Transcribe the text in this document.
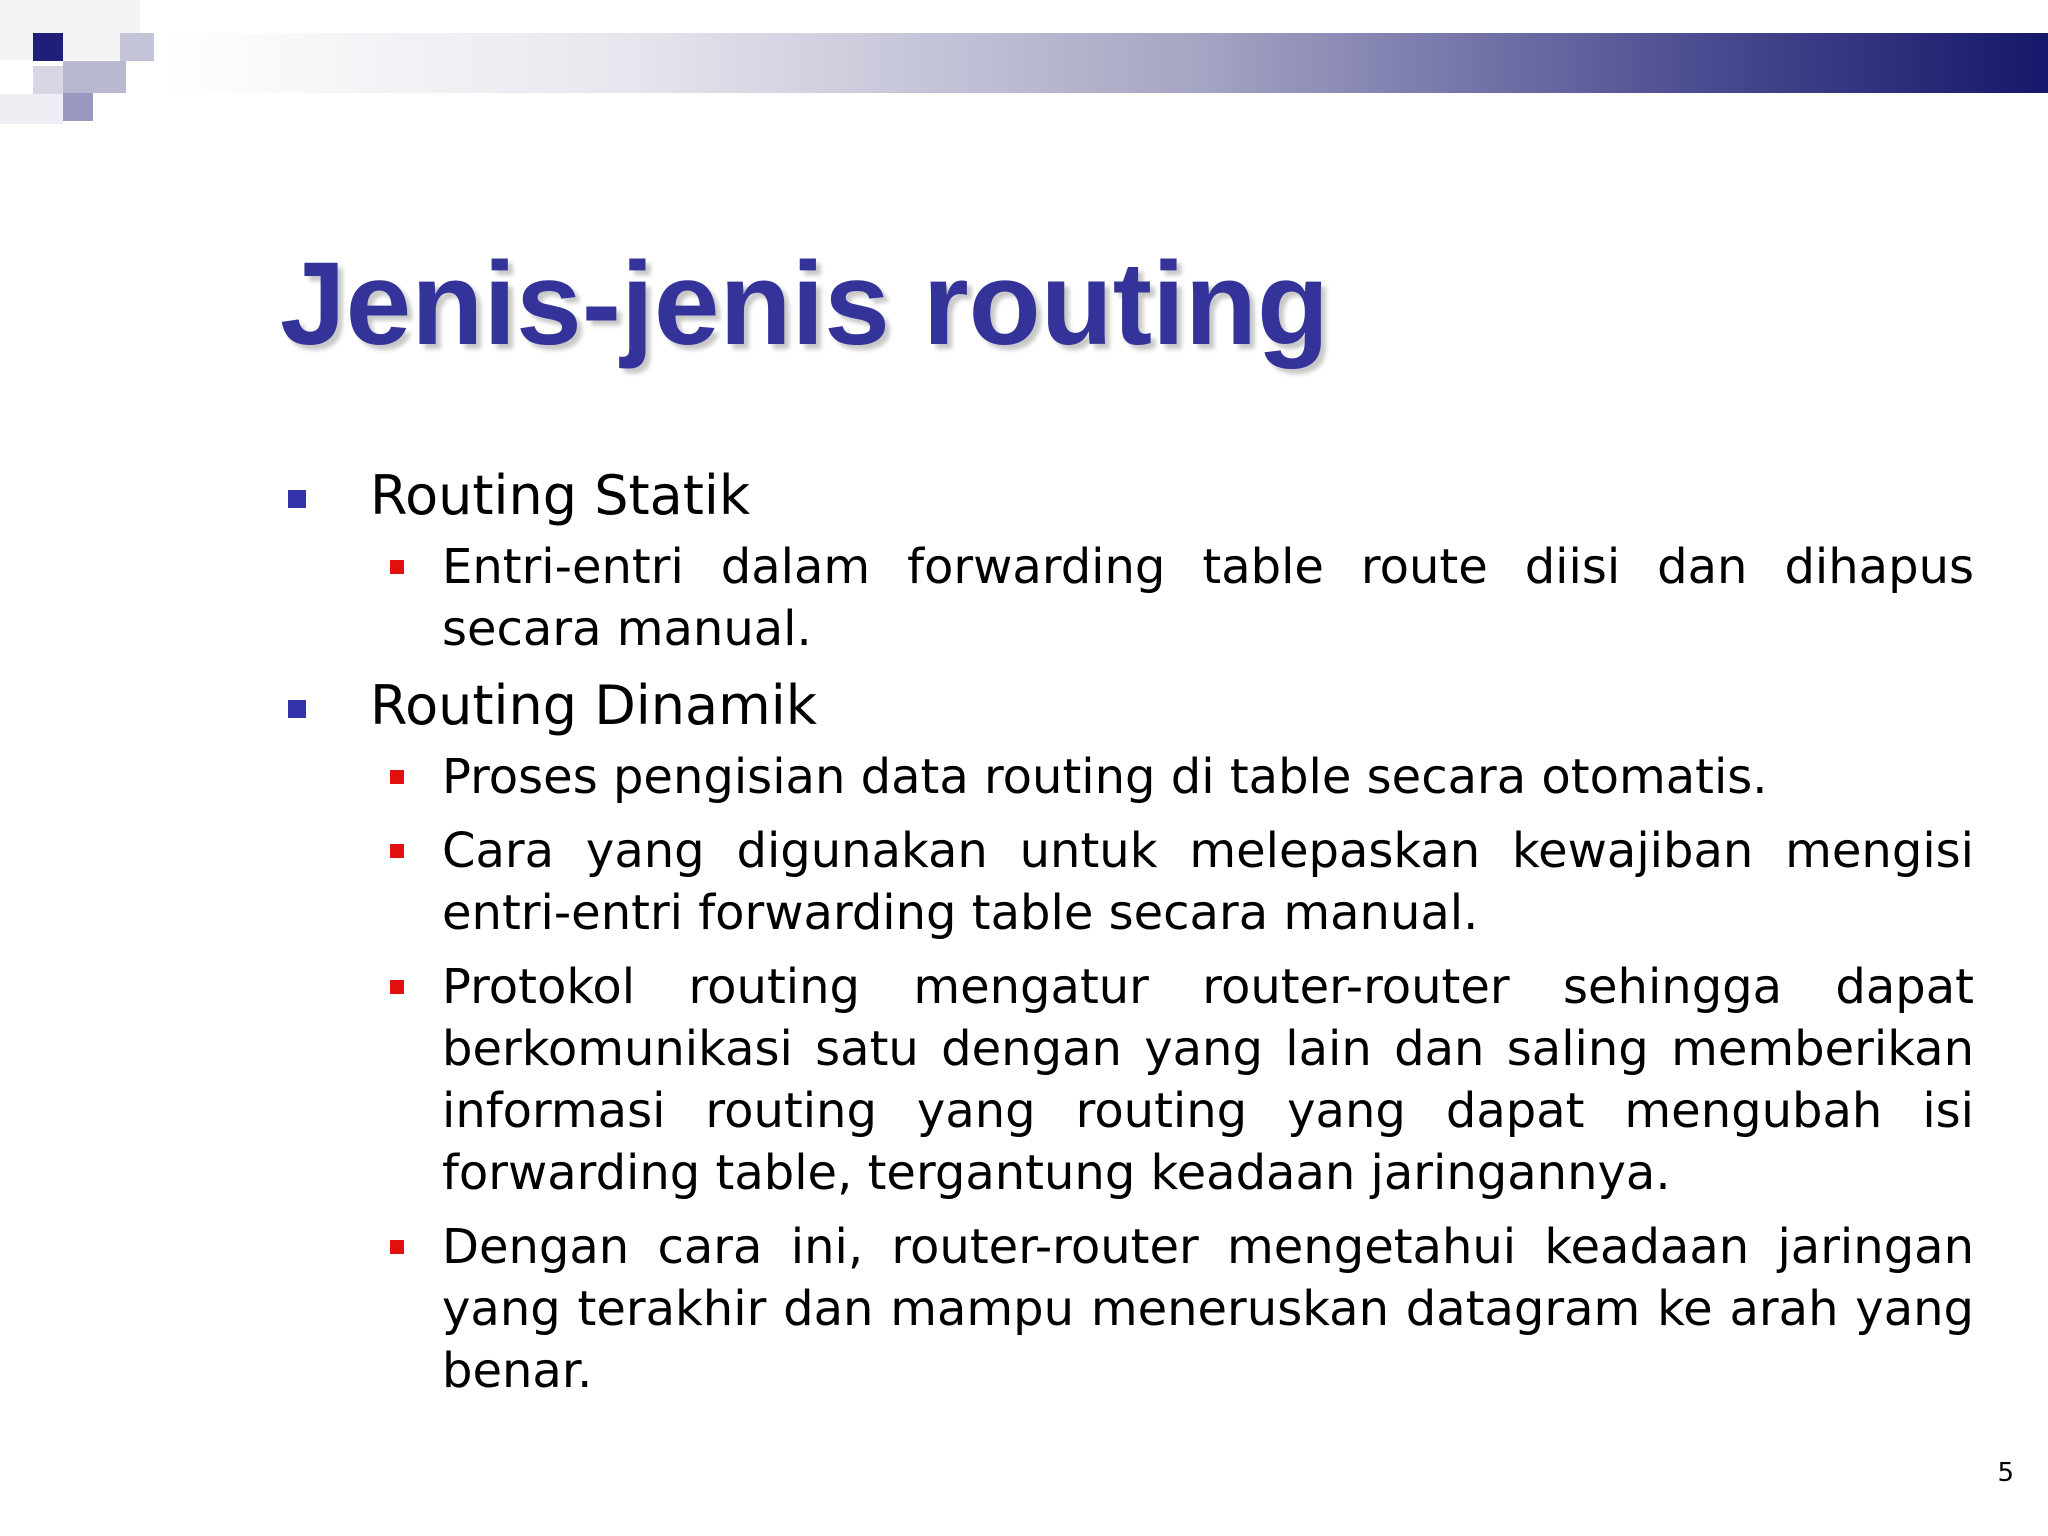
Jenis-jenis routing
Routing Statik
Entri-entri dalam forwarding table route diisi dan dihapus secara manual.
Routing Dinamik
Proses pengisian data routing di table secara otomatis.
Cara yang digunakan untuk melepaskan kewajiban mengisi entri-entri forwarding table secara manual.
Protokol routing mengatur router-router sehingga dapat berkomunikasi satu dengan yang lain dan saling memberikan informasi routing yang routing yang dapat mengubah isi forwarding table, tergantung keadaan jaringannya.
Dengan cara ini, router-router mengetahui keadaan jaringan yang terakhir dan mampu meneruskan datagram ke arah yang benar.
5
